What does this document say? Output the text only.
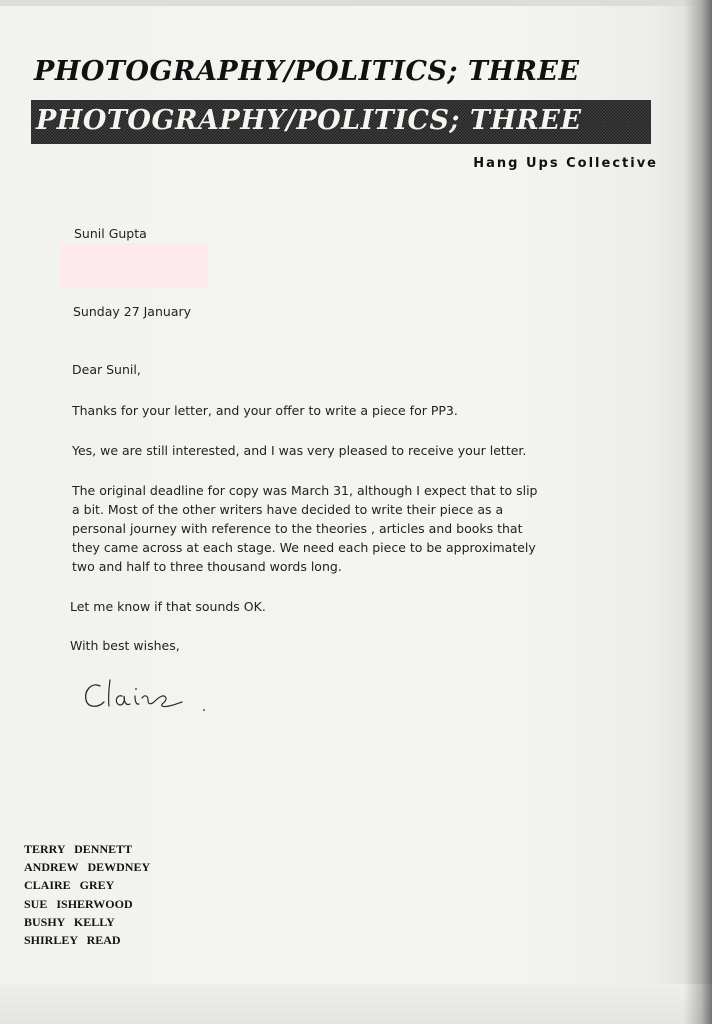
PHOTOGRAPHY/POLITICS; THREE
PHOTOGRAPHY/POLITICS; THREE
Hang Ups Collective
Sunil Gupta
Sunday 27 January
Dear Sunil,
Thanks for your letter, and your offer to write a piece for PP3.
Yes, we are still interested, and I was very pleased to receive your letter.
The original deadline for copy was March 31, although I expect that to slip
a bit. Most of the other writers have decided to write their piece as a
personal journey with reference to the theories , articles and books that
they came across at each stage. We need each piece to be approximately
two and half to three thousand words long.
Let me know if that sounds OK.
With best wishes,
TERRY DENNETT
ANDREW DEWDNEY
CLAIRE GREY
SUE ISHERWOOD
BUSHY KELLY
SHIRLEY READ
